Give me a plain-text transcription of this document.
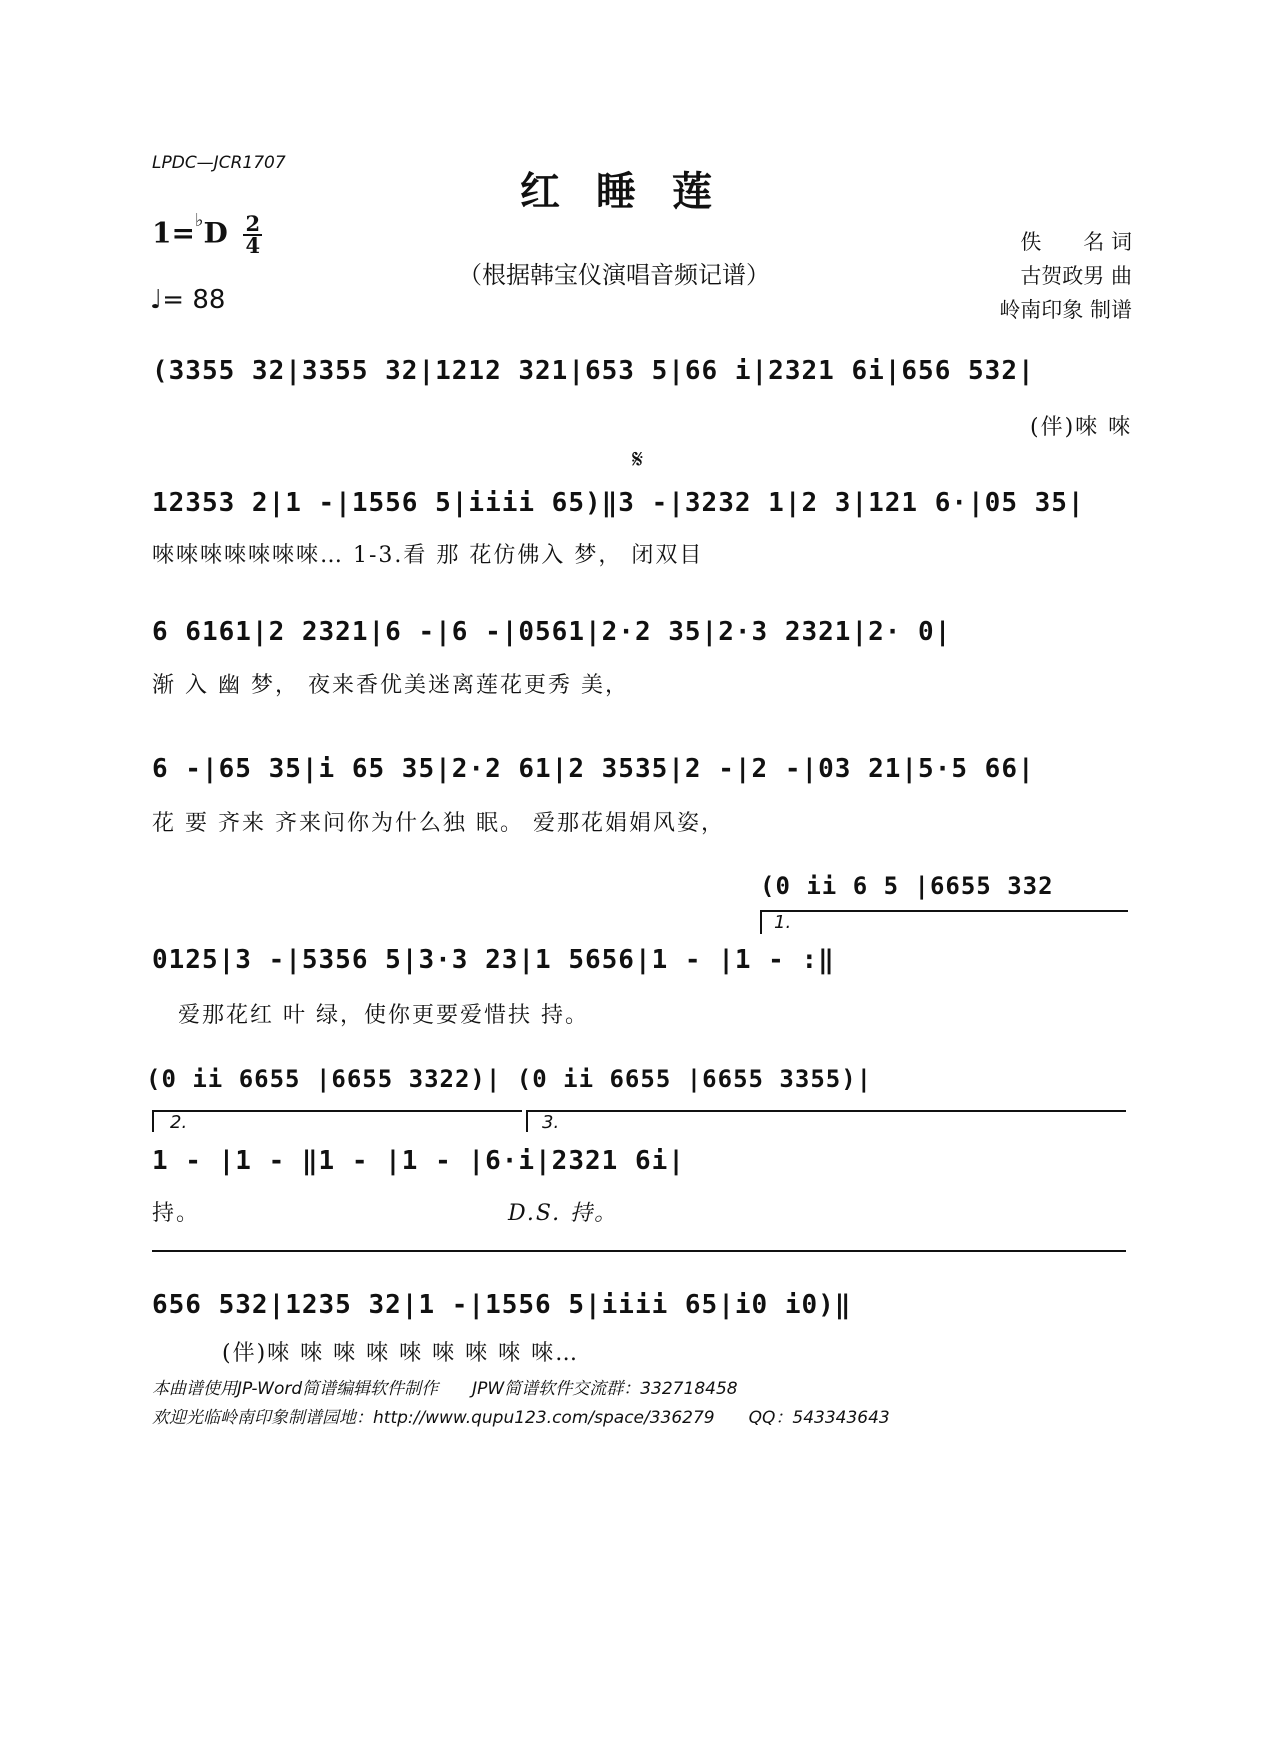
LPDC—JCR1707
红睡莲
$1=^♭D \frac{2}{4}$
♩= 88
（根据韩宝仪演唱音频记谱）
佚　　名 词
古贺政男 曲
岭南印象 制谱
(3355 32|3355 32|1212 321|653 5|66 i|2321 6i|656 532|
(伴)唻 唻
𝄋
12353 2|1 -|1556 5|iiii 65)‖3 -|3232 1|2 3|121 6·|05 35|
唻唻唻唻唻唻唻… 1-3.看 那 花仿佛入 梦， 闭双目
6 6161|2 2321|6 -|6 -|0561|2·2 35|2·3 2321|2· 0|
渐 入 幽 梦， 夜来香优美迷离莲花更秀 美，
6 -|65 35|i 65 35|2·2 61|2 3535|2 -|2 -|03 21|5·5 66|
花 要 齐来 齐来问你为什么独 眠。 爱那花娟娟风姿，
(0 ii 6 5 |6655 332
1.
0125|3 -|5356 5|3·3 23|1 5656|1 - |1 - :‖
爱那花红 叶 绿，使你更要爱惜扶 持。
(0 ii 6655 |6655 3322)| (0 ii 6655 |6655 3355)|
2.	3.
1 - |1 - ‖1 - |1 - |6·i|2321 6i|
持。	D.S. 持。
656 532|1235 32|1 -|1556 5|iiii 65|i0 i0)‖
(伴)唻 唻 唻 唻 唻 唻 唻 唻 唻…
本曲谱使用JP-Word简谱编辑软件制作　　JPW简谱软件交流群：332718458
欢迎光临岭南印象制谱园地：http://www.qupu123.com/space/336279　　QQ：543343643
